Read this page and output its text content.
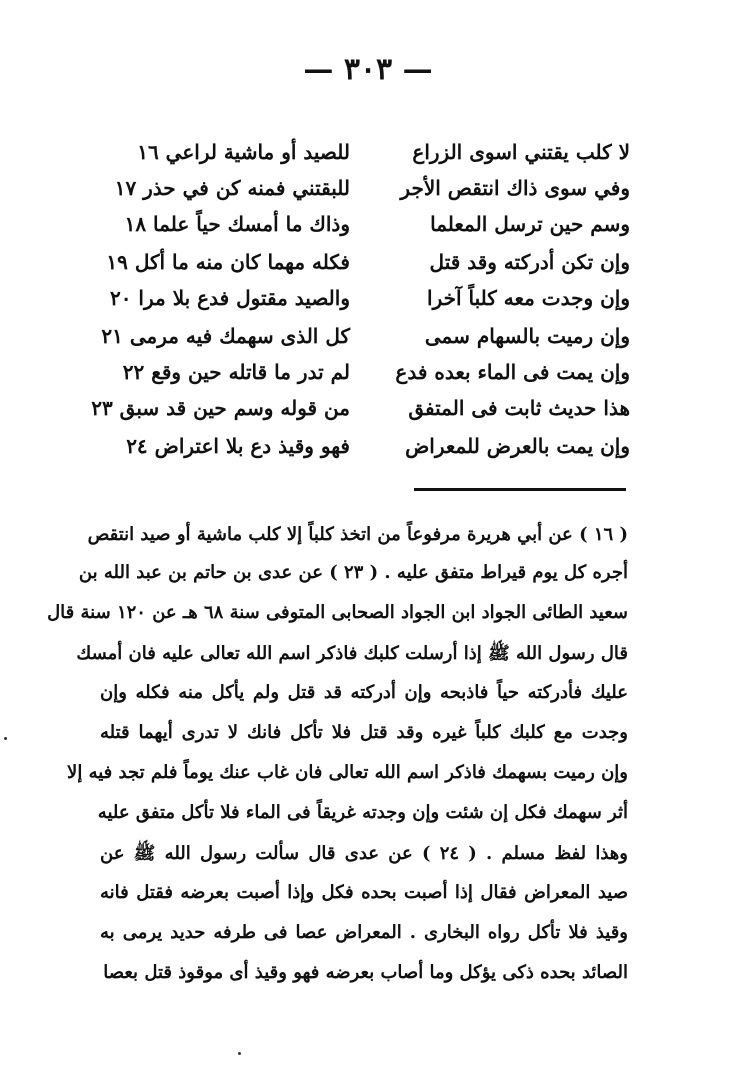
— ٣٠٣ —
لا كلب يقتني اسوى الزراع
للصيد أو ماشية لراعي ١٦
وفي سوى ذاك انتقص الأجر
للبقتني فمنه كن في حذر ١٧
وسم حين ترسل المعلما
وذاك ما أمسك حياً علما ١٨
وإن تكن أدركته وقد قتل
فكله مهما كان منه ما أكل ١٩
وإن وجدت معه كلباً آخرا
والصيد مقتول فدع بلا مرا ٢٠
وإن رميت بالسهام سمى
كل الذى سهمك فيه مرمى ٢١
وإن يمت فى الماء بعده فدع
لم تدر ما قاتله حين وقع ٢٢
هذا حديث ثابت فى المتفق
من قوله وسم حين قد سبق ٢٣
وإن يمت بالعرض للمعراض
فهو وقيذ دع بلا اعتراض ٢٤
( ١٦ ) عن أبي هريرة مرفوعاً من اتخذ كلباً إلا كلب ماشية أو صيد انتقص
أجره كل يوم قيراط متفق عليه . ( ٢٣ ) عن عدى بن حاتم بن عبد الله بن
سعيد الطائى الجواد ابن الجواد الصحابى المتوفى سنة ٦٨ هـ عن ١٢٠ سنة قال
قال رسول الله ﷺ إذا أرسلت كلبك فاذكر اسم الله تعالى عليه فان أمسك
عليك فأدركته حياً فاذبحه وإن أدركته قد قتل ولم يأكل منه فكله وإن
وجدت مع كلبك كلباً غيره وقد قتل فلا تأكل فانك لا تدرى أيهما قتله
وإن رميت بسهمك فاذكر اسم الله تعالى فان غاب عنك يوماً فلم تجد فيه إلا
أثر سهمك فكل إن شئت وإن وجدته غريقاً فى الماء فلا تأكل متفق عليه
وهذا لفظ مسلم . ( ٢٤ ) عن عدى قال سألت رسول الله ﷺ عن
صيد المعراض فقال إذا أصبت بحده فكل وإذا أصبت بعرضه فقتل فانه
وقيذ فلا تأكل رواه البخارى . المعراض عصا فى طرفه حديد يرمى به
الصائد بحده ذكى يؤكل وما أصاب بعرضه فهو وقيذ أى موقوذ قتل بعصا
